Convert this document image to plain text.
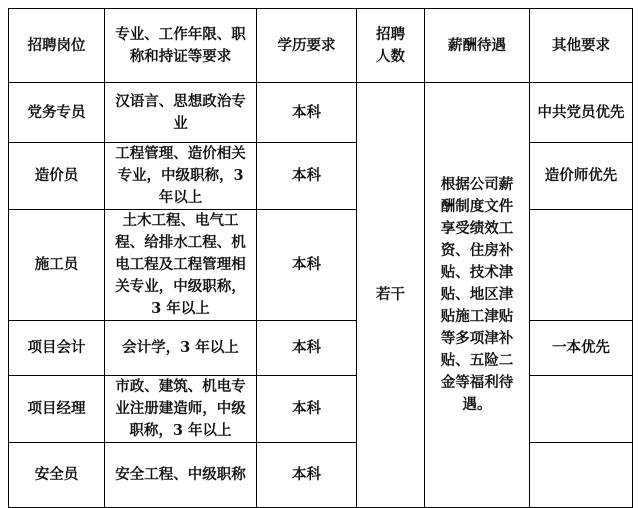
招聘岗位	专业、工作年限、职称和持证等要求	学历要求	招聘人数	薪酬待遇	其他要求
党务专员	汉语言、思想政治专业	本科	若干	根据公司薪酬制度文件享受绩效工资、住房补贴、技术津贴、地区津贴施工津贴等多项津补贴、五险二金等福利待遇。	中共党员优先
造价员	工程管理、造价相关专业，中级职称，3 年以上	本科			造价师优先
施工员	土木工程、电气工程、给排水工程、机电工程及工程管理相关专业，中级职称，3 年以上	本科			
项目会计	会计学，3 年以上	本科			一本优先
项目经理	市政、建筑、机电专业注册建造师，中级职称，3 年以上	本科			
安全员	安全工程、中级职称	本科			
